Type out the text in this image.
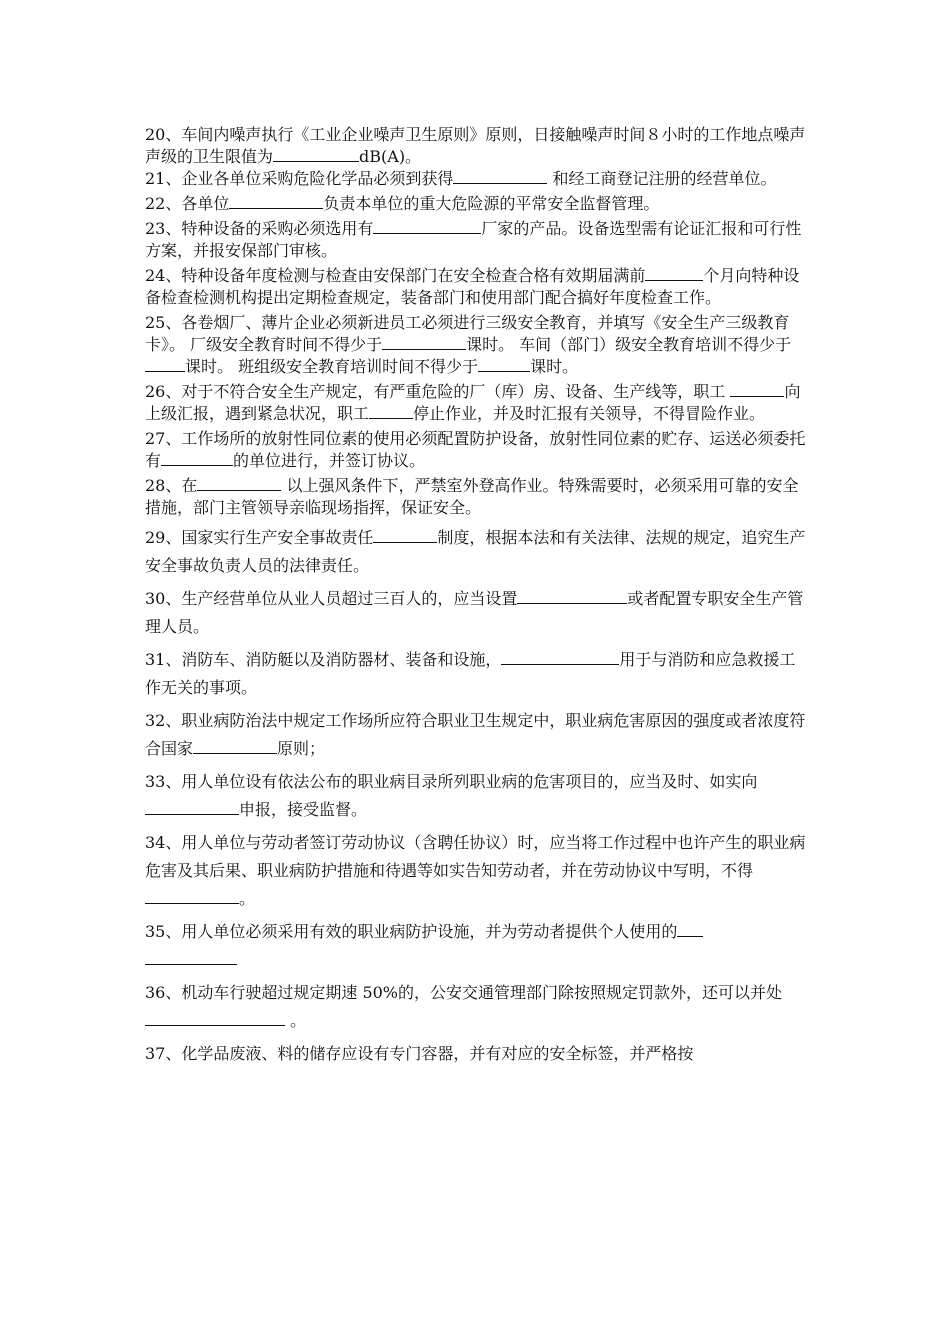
20、车间内噪声执行《工业企业噪声卫生原则》原则，日接触噪声时间８小时的工作地点噪声声级的卫生限值为	dB(A)。

21、企业各单位采购危险化学品必须到获得	和经工商登记注册的经营单位。

22、各单位	负责本单位的重大危险源的平常安全监督管理。

23、特种设备的采购必须选用有	厂家的产品。设备选型需有论证汇报和可行性方案，并报安保部门审核。

24、特种设备年度检测与检查由安保部门在安全检查合格有效期届满前	个月向特种设备检查检测机构提出定期检查规定，装备部门和使用部门配合搞好年度检查工作。

25、各卷烟厂、薄片企业必须新进员工必须进行三级安全教育，并填写《安全生产三级教育卡》。 厂级安全教育时间不得少于	课时。 车间（部门）级安全教育培训不得少于课时。 班组级安全教育培训时间不得少于	课时。

26、对于不符合安全生产规定，有严重危险的厂（库）房、设备、生产线等，职工	向上级汇报，遇到紧急状况，职工	停止作业，并及时汇报有关领导，不得冒险作业。

27、工作场所的放射性同位素的使用必须配置防护设备，放射性同位素的贮存、运送必须委托有	的单位进行，并签订协议。

28、在	以上强风条件下，严禁室外登高作业。特殊需要时，必须采用可靠的安全措施，部门主管领导亲临现场指挥，保证安全。

29、国家实行生产安全事故责任	制度，根据本法和有关法律、法规的规定，追究生产安全事故负责人员的法律责任。

30、生产经营单位从业人员超过三百人的，应当设置	或者配置专职安全生产管理人员。

31、消防车、消防艇以及消防器材、装备和设施，	用于与消防和应急救援工作无关的事项。

32、职业病防治法中规定工作场所应符合职业卫生规定中，职业病危害原因的强度或者浓度符合国家	原则；

33、用人单位设有依法公布的职业病目录所列职业病的危害项目的，应当及时、如实向申报，接受监督。

34、用人单位与劳动者签订劳动协议（含聘任协议）时，应当将工作过程中也许产生的职业病危害及其后果、职业病防护措施和待遇等如实告知劳动者，并在劳动协议中写明，不得。

35、用人单位必须采用有效的职业病防护设施，并为劳动者提供个人使用的

36、机动车行驶超过规定期速 50%的，公安交通管理部门除按照规定罚款外，还可以并处 。

37、化学品废液、料的储存应设有专门容器，并有对应的安全标签，并严格按
